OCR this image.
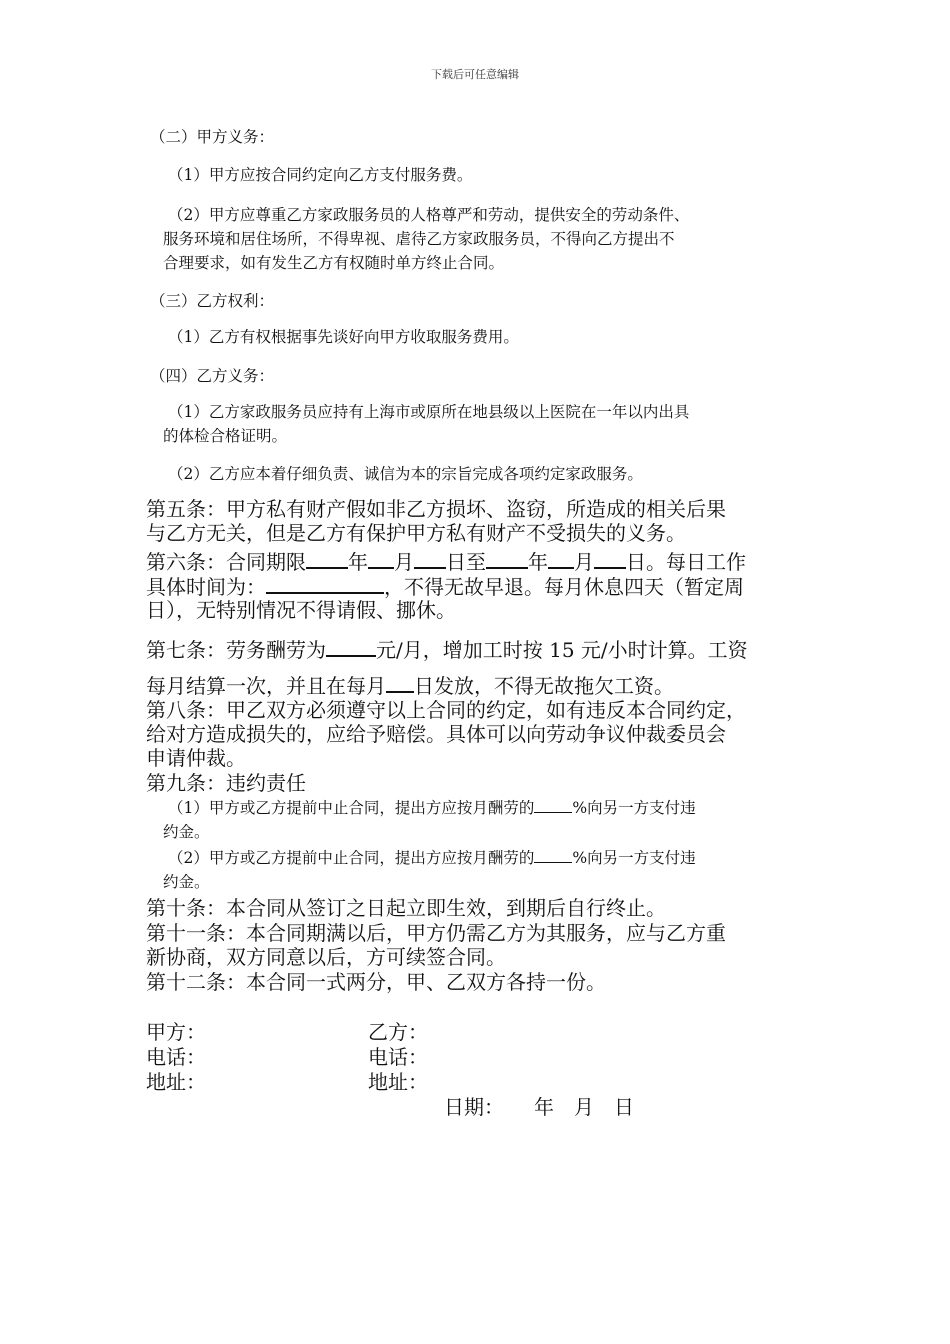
下载后可任意编辑
（二）甲方义务：
（1）甲方应按合同约定向乙方支付服务费。
（2）甲方应尊重乙方家政服务员的人格尊严和劳动，提供安全的劳动条件、
服务环境和居住场所，不得卑视、虐待乙方家政服务员，不得向乙方提出不
合理要求，如有发生乙方有权随时单方终止合同。
（三）乙方权利：
（1）乙方有权根据事先谈好向甲方收取服务费用。
（四）乙方义务：
（1）乙方家政服务员应持有上海市或原所在地县级以上医院在一年以内出具
的体检合格证明。
（2）乙方应本着仔细负责、诚信为本的宗旨完成各项约定家政服务。
第五条：甲方私有财产假如非乙方损坏、盗窃，所造成的相关后果
与乙方无关，但是乙方有保护甲方私有财产不受损失的义务。
第六条：合同期限 年 月 日至 年 月 日。每日工作
具体时间为：	，不得无故早退。每月休息四天（暂定周
日），无特别情况不得请假、挪休。
第七条：劳务酬劳为	元/月，增加工时按 15 元/小时计算。工资
每月结算一次，并且在每月 日发放，不得无故拖欠工资。
第八条：甲乙双方必须遵守以上合同的约定，如有违反本合同约定，
给对方造成损失的，应给予赔偿。具体可以向劳动争议仲裁委员会
申请仲裁。
第九条：违约责任
（1）甲方或乙方提前中止合同，提出方应按月酬劳的 %向另一方支付违
约金。
（2）甲方或乙方提前中止合同，提出方应按月酬劳的 %向另一方支付违
约金。
第十条：本合同从签订之日起立即生效，到期后自行终止。
第十一条：本合同期满以后，甲方仍需乙方为其服务，应与乙方重
新协商，双方同意以后，方可续签合同。
第十二条：本合同一式两分，甲、乙双方各持一份。
甲方：	乙方：
电话：	电话：
地址：	地址：
日期： 年 月 日
